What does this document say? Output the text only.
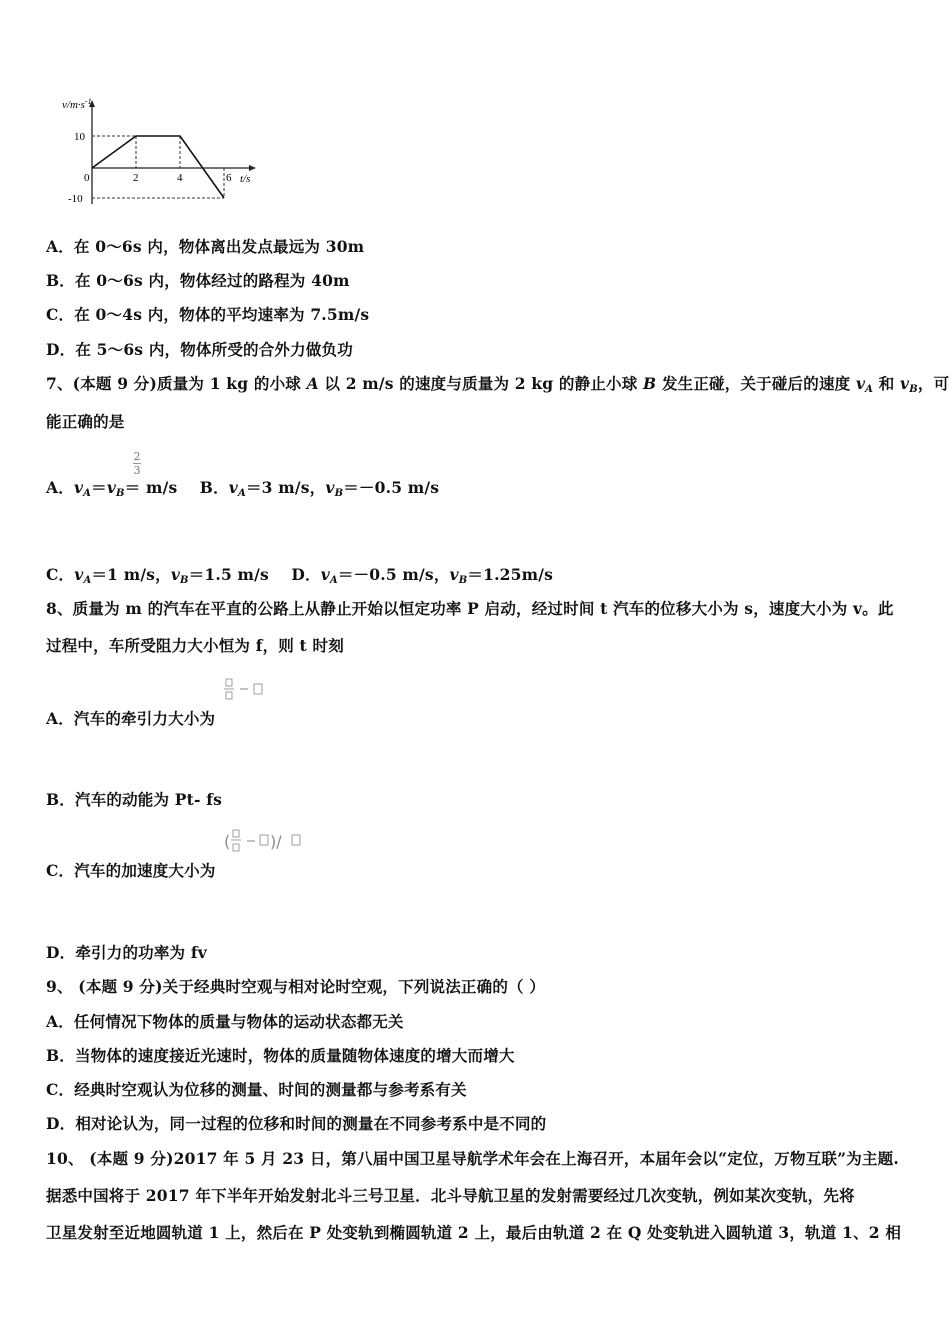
$v/m\cdot s^{-1}$
10
-10
0	2	4	6 t/s
A．在 0～6s 内，物体离出发点最远为 30m
B．在 0～6s 内，物体经过的路程为 40m
C．在 0～4s 内，物体的平均速率为 7.5m/s
D．在 5～6s 内，物体所受的合外力做负功
7、(本题 9 分)质量为 1 kg 的小球 A 以 2 m/s 的速度与质量为 2 kg 的静止小球 B 发生正碰，关于碰后的速度 $v_A$ 和 $v_B$，可
能正确的是
$\frac{2}{3}$
A．$v_A=v_B= m/s$ B．$v_A=3$ m/s，$v_B=-0.5$ m/s
C．$v_A=1$ m/s，$v_B=1.5$ m/s D．$v_A=-0.5$ m/s，$v_B=1.25m/s$
8、质量为 m 的汽车在平直的公路上从静止开始以恒定功率 P 启动，经过时间 t 汽车的位移大小为 s，速度大小为 v。此
过程中，车所受阻力大小恒为 f，则 t 时刻
A．汽车的牵引力大小为
B．汽车的动能为 Pt- fs
( )/
C．汽车的加速度大小为
D．牵引力的功率为 fv
9、 (本题 9 分)关于经典时空观与相对论时空观，下列说法正确的（ ）
A．任何情况下物体的质量与物体的运动状态都无关
B．当物体的速度接近光速时，物体的质量随物体速度的增大而增大
C．经典时空观认为位移的测量、时间的测量都与参考系有关
D．相对论认为，同一过程的位移和时间的测量在不同参考系中是不同的
10、 (本题 9 分)2017 年 5 月 23 日，第八届中国卫星导航学术年会在上海召开，本届年会以“定位，万物互联”为主题.
据悉中国将于 2017 年下半年开始发射北斗三号卫星．北斗导航卫星的发射需要经过几次变轨，例如某次变轨，先将
卫星发射至近地圆轨道 1 上，然后在 P 处变轨到椭圆轨道 2 上，最后由轨道 2 在 Q 处变轨进入圆轨道 3，轨道 1、2 相
